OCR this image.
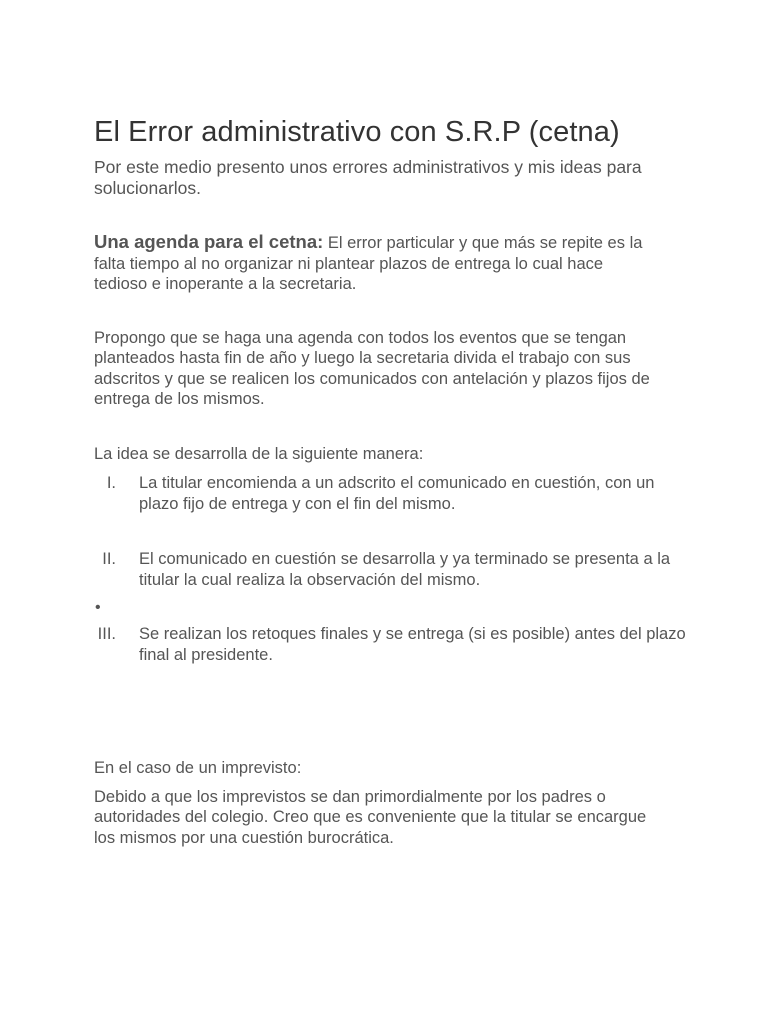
El Error administrativo con S.R.P (cetna)

Por este medio presento unos errores administrativos y mis ideas para solucionarlos.

Una agenda para el cetna: El error particular y que más se repite es la falta tiempo al no organizar ni plantear plazos de entrega lo cual hace tedioso e inoperante a la secretaria.

Propongo que se haga una agenda con todos los eventos que se tengan planteados hasta fin de año y luego la secretaria divida el trabajo con sus adscritos y que se realicen los comunicados con antelación y plazos fijos de entrega de los mismos.

La idea se desarrolla de la siguiente manera:

I. La titular encomienda a un adscrito el comunicado en cuestión, con un plazo fijo de entrega y con el fin del mismo.
II. El comunicado en cuestión se desarrolla y ya terminado se presenta a la titular la cual realiza la observación del mismo.
•
III. Se realizan los retoques finales y se entrega (si es posible) antes del plazo final al presidente.

En el caso de un imprevisto:

Debido a que los imprevistos se dan primordialmente por los padres o autoridades del colegio. Creo que es conveniente que la titular se encargue los mismos por una cuestión burocrática.
